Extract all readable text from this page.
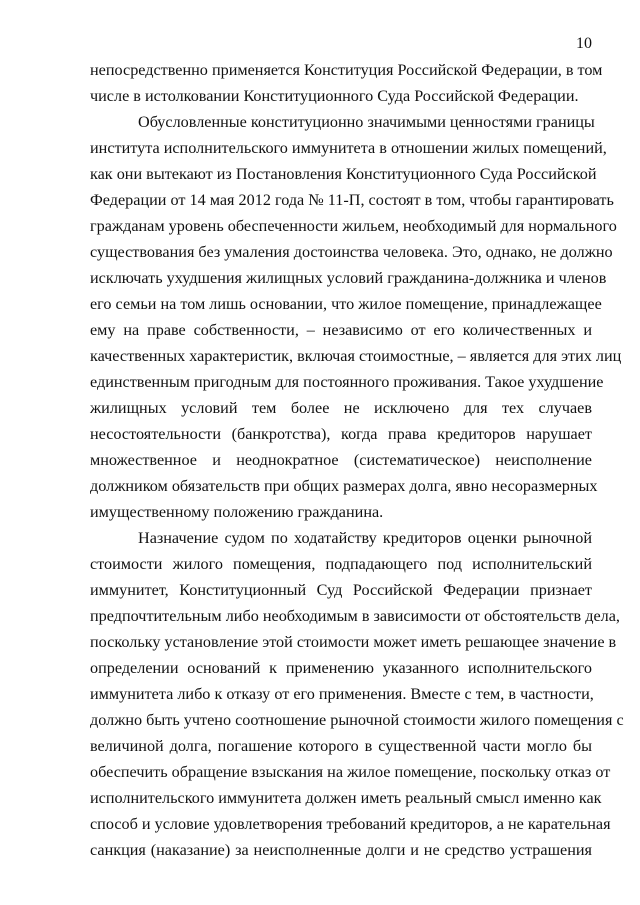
10
непосредственно применяется Конституция Российской Федерации, в том
числе в истолковании Конституционного Суда Российской Федерации.
Обусловленные конституционно значимыми ценностями границы
института исполнительского иммунитета в отношении жилых помещений,
как они вытекают из Постановления Конституционного Суда Российской
Федерации от 14 мая 2012 года № 11-П, состоят в том, чтобы гарантировать
гражданам уровень обеспеченности жильем, необходимый для нормального
существования без умаления достоинства человека. Это, однако, не должно
исключать ухудшения жилищных условий гражданина-должника и членов
его семьи на том лишь основании, что жилое помещение, принадлежащее
ему на праве собственности, – независимо от его количественных и
качественных характеристик, включая стоимостные, – является для этих лиц
единственным пригодным для постоянного проживания. Такое ухудшение
жилищных условий тем более не исключено для тех случаев
несостоятельности (банкротства), когда права кредиторов нарушает
множественное и неоднократное (систематическое) неисполнение
должником обязательств при общих размерах долга, явно несоразмерных
имущественному положению гражданина.
Назначение судом по ходатайству кредиторов оценки рыночной
стоимости жилого помещения, подпадающего под исполнительский
иммунитет, Конституционный Суд Российской Федерации признает
предпочтительным либо необходимым в зависимости от обстоятельств дела,
поскольку установление этой стоимости может иметь решающее значение в
определении оснований к применению указанного исполнительского
иммунитета либо к отказу от его применения. Вместе с тем, в частности,
должно быть учтено соотношение рыночной стоимости жилого помещения с
величиной долга, погашение которого в существенной части могло бы
обеспечить обращение взыскания на жилое помещение, поскольку отказ от
исполнительского иммунитета должен иметь реальный смысл именно как
способ и условие удовлетворения требований кредиторов, а не карательная
санкция (наказание) за неисполненные долги и не средство устрашения
